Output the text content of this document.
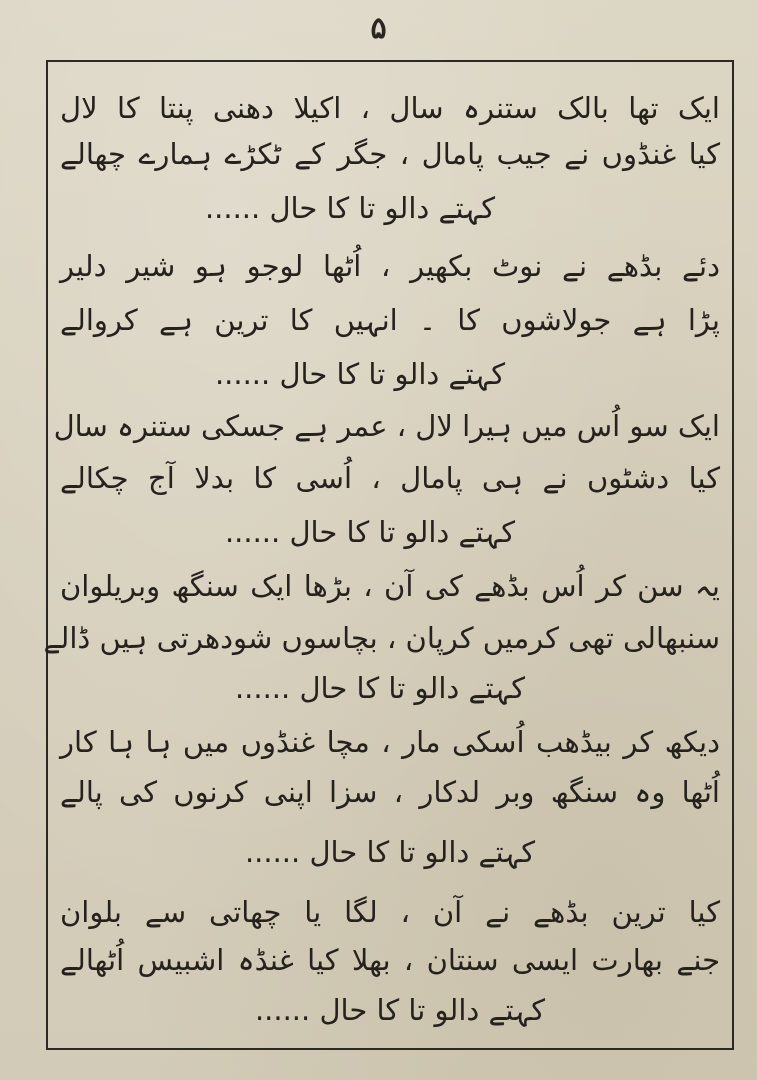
۵
ایک تھا بالک ستنرہ سال ، اکیلا دھنی پنتا کا لال
کیا غنڈوں نے جیب پامال ، جگر کے ٹکڑے ہمارے چھالے
کہتے دالو تا کا حال ......
دئے بڈھے نے نوٹ بکھیر ، اُٹھا لوجو ہو شیر دلیر
پڑا ہے جولاشوں کا ۔ انہیں کا ترین ہے کروالے
کہتے دالو تا کا حال ......
ایک سو اُس میں ہیرا لال ، عمر ہے جسکی ستنرہ سال
کیا دشٹوں نے ہی پامال ، اُسی کا بدلا آج چکالے
کہتے دالو تا کا حال ......
یہ سن کر اُس بڈھے کی آن ، بڑھا ایک سنگھ وبریلوان
سنبھالی تھی کرمیں کرپان ، بچاسوں شودھرتی ہیں ڈالے
کہتے دالو تا کا حال ......
دیکھ کر بیڈھب اُسکی مار ، مچا غنڈوں میں ہا ہا کار
اُٹھا وہ سنگھ وبر لدکار ، سزا اپنی کرنوں کی پالے
کہتے دالو تا کا حال ......
کیا ترین بڈھے نے آن ، لگا یا چھاتی سے بلوان
جنے بھارت ایسی سنتان ، بھلا کیا غنڈہ اشبیس اُٹھالے
کہتے دالو تا کا حال ......
